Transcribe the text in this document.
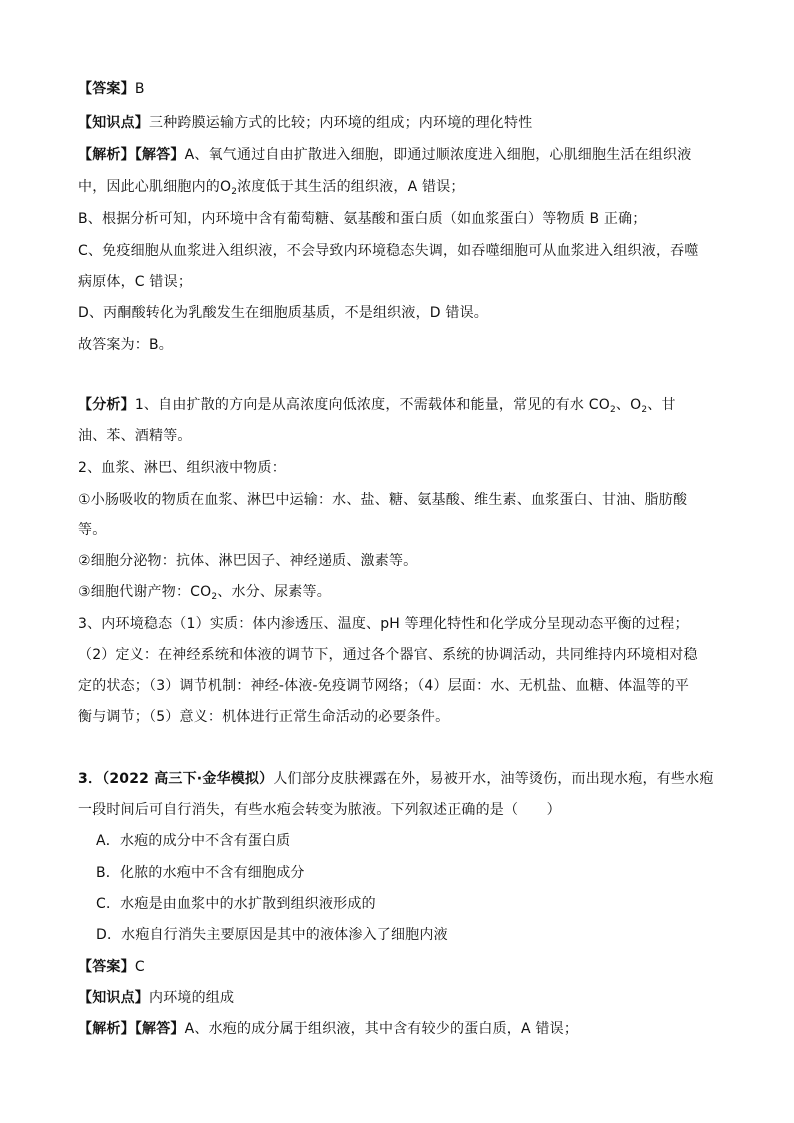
【答案】B
【知识点】三种跨膜运输方式的比较；内环境的组成；内环境的理化特性
【解析】【解答】A、氧气通过自由扩散进入细胞，即通过顺浓度进入细胞，心肌细胞生活在组织液
中，因此心肌细胞内的$O_2$浓度低于其生活的组织液，A 错误；
B、根据分析可知，内环境中含有葡萄糖、氨基酸和蛋白质（如血浆蛋白）等物质 B 正确；
C、免疫细胞从血浆进入组织液，不会导致内环境稳态失调，如吞噬细胞可从血浆进入组织液，吞噬
病原体，C 错误；
D、丙酮酸转化为乳酸发生在细胞质基质，不是组织液，D 错误。
故答案为：B。
【分析】1、自由扩散的方向是从高浓度向低浓度，不需载体和能量，常见的有水 $CO_2$、$O_2$、甘
油、苯、酒精等。
2、血浆、淋巴、组织液中物质：
①小肠吸收的物质在血浆、淋巴中运输：水、盐、糖、氨基酸、维生素、血浆蛋白、甘油、脂肪酸
等。
②细胞分泌物：抗体、淋巴因子、神经递质、激素等。
③细胞代谢产物：$CO_2$、水分、尿素等。
3、内环境稳态（1）实质：体内渗透压、温度、pH 等理化特性和化学成分呈现动态平衡的过程；
（2）定义：在神经系统和体液的调节下，通过各个器官、系统的协调活动，共同维持内环境相对稳
定的状态；（3）调节机制：神经-体液-免疫调节网络；（4）层面：水、无机盐、血糖、体温等的平
衡与调节；（5）意义：机体进行正常生命活动的必要条件。
3．（2022 高三下·金华模拟）人们部分皮肤裸露在外，易被开水，油等烫伤，而出现水疱，有些水疱
一段时间后可自行消失，有些水疱会转变为脓液。下列叙述正确的是（　　）
A．水疱的成分中不含有蛋白质
B．化脓的水疱中不含有细胞成分
C．水疱是由血浆中的水扩散到组织液形成的
D．水疱自行消失主要原因是其中的液体渗入了细胞内液
【答案】C
【知识点】内环境的组成
【解析】【解答】A、水疱的成分属于组织液，其中含有较少的蛋白质，A 错误；
